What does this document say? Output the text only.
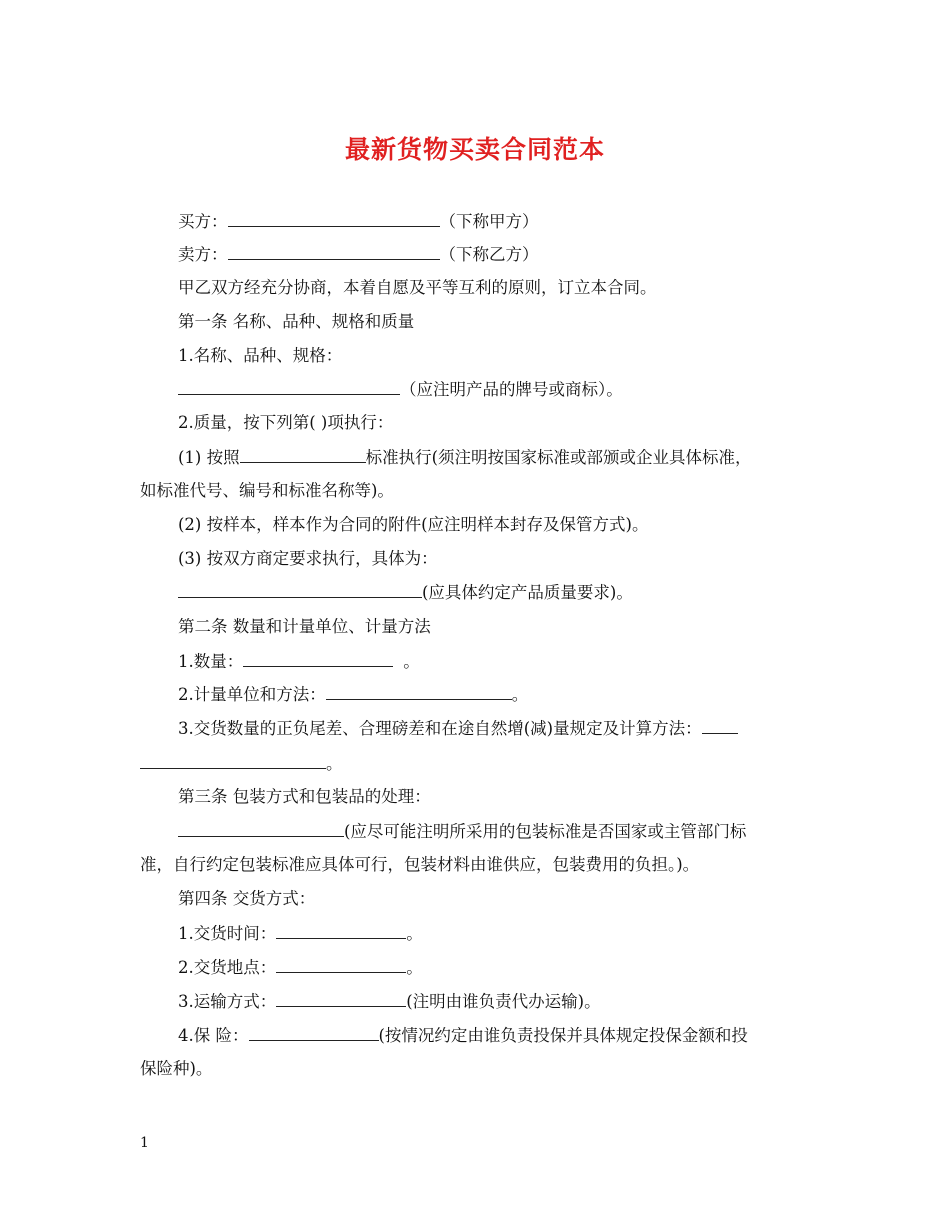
最新货物买卖合同范本
买方：	（下称甲方）
卖方：	（下称乙方）
甲乙双方经充分协商，本着自愿及平等互利的原则，订立本合同。
第一条 名称、品种、规格和质量
1.名称、品种、规格：
（应注明产品的牌号或商标）。
2.质量，按下列第( )项执行：
(1) 按照	标准执行(须注明按国家标准或部颁或企业具体标准，
如标准代号、编号和标准名称等)。
(2) 按样本，样本作为合同的附件(应注明样本封存及保管方式)。
(3) 按双方商定要求执行，具体为：
(应具体约定产品质量要求)。
第二条 数量和计量单位、计量方法
1.数量：	。
2.计量单位和方法：	。
3.交货数量的正负尾差、合理磅差和在途自然增(减)量规定及计算方法：
。
第三条 包装方式和包装品的处理：
(应尽可能注明所采用的包装标准是否国家或主管部门标
准，自行约定包装标准应具体可行，包装材料由谁供应，包装费用的负担。)。
第四条 交货方式：
1.交货时间：	。
2.交货地点：	。
3.运输方式：	(注明由谁负责代办运输)。
4.保 险：	(按情况约定由谁负责投保并具体规定投保金额和投
保险种)。
1
